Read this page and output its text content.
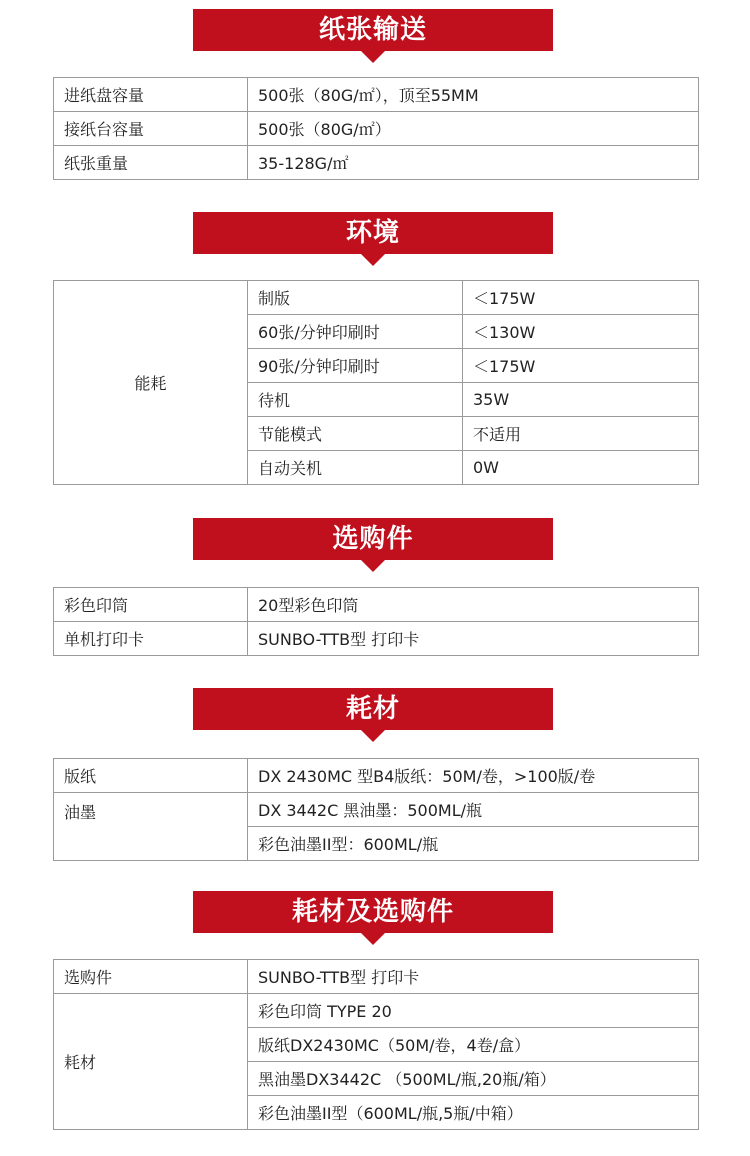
纸张输送
进纸盘容量	500张（80G/㎡），顶至55MM
接纸台容量	500张（80G/㎡）
纸张重量	35-128G/㎡
环境
能耗	制版	＜175W
	60张/分钟印刷时	＜130W
	90张/分钟印刷时	＜175W
	待机	35W
	节能模式	不适用
	自动关机	0W
选购件
彩色印筒	20型彩色印筒
单机打印卡	SUNBO-TTB型 打印卡
耗材
版纸	DX 2430MC 型B4版纸：50M/卷，>100版/卷
油墨	DX 3442C 黑油墨：500ML/瓶
	彩色油墨II型：600ML/瓶
耗材及选购件
选购件	SUNBO-TTB型 打印卡
耗材	彩色印筒 TYPE 20
	版纸DX2430MC（50M/卷，4卷/盒）
	黑油墨DX3442C （500ML/瓶,20瓶/箱）
	彩色油墨II型（600ML/瓶,5瓶/中箱）
